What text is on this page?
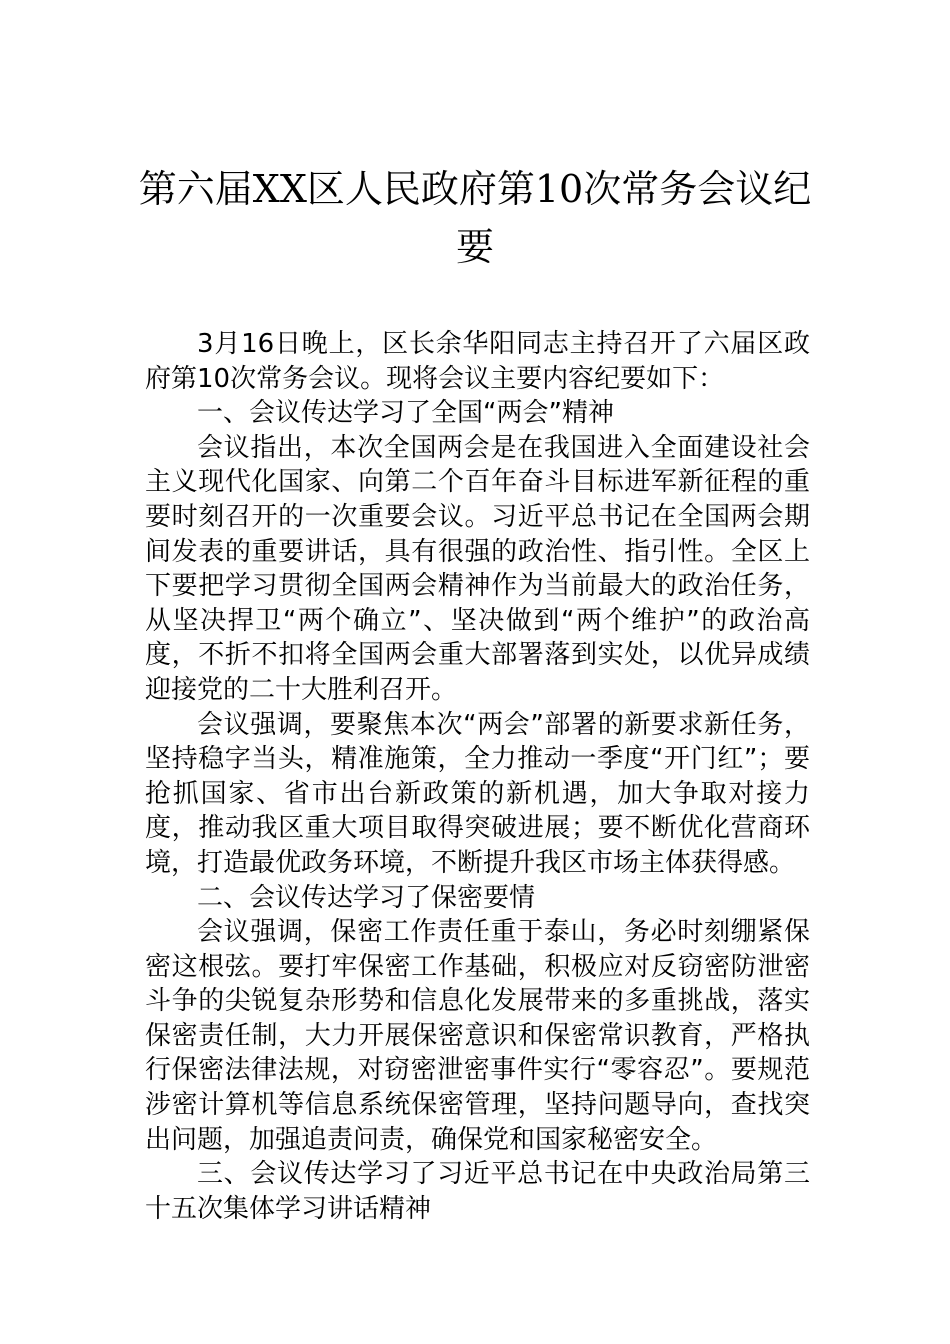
第六届XX区人民政府第10次常务会议纪要

3月16日晚上，区长余华阳同志主持召开了六届区政府第10次常务会议。现将会议主要内容纪要如下：

一、会议传达学习了全国“两会”精神

会议指出，本次全国两会是在我国进入全面建设社会主义现代化国家、向第二个百年奋斗目标进军新征程的重要时刻召开的一次重要会议。习近平总书记在全国两会期间发表的重要讲话，具有很强的政治性、指引性。全区上下要把学习贯彻全国两会精神作为当前最大的政治任务，从坚决捍卫“两个确立”、坚决做到“两个维护”的政治高度，不折不扣将全国两会重大部署落到实处，以优异成绩迎接党的二十大胜利召开。

会议强调，要聚焦本次“两会”部署的新要求新任务，坚持稳字当头，精准施策，全力推动一季度“开门红”；要抢抓国家、省市出台新政策的新机遇，加大争取对接力度，推动我区重大项目取得突破进展；要不断优化营商环境，打造最优政务环境，不断提升我区市场主体获得感。

二、会议传达学习了保密要情

会议强调，保密工作责任重于泰山，务必时刻绷紧保密这根弦。要打牢保密工作基础，积极应对反窃密防泄密斗争的尖锐复杂形势和信息化发展带来的多重挑战，落实保密责任制，大力开展保密意识和保密常识教育，严格执行保密法律法规，对窃密泄密事件实行“零容忍”。要规范涉密计算机等信息系统保密管理，坚持问题导向，查找突出问题，加强追责问责，确保党和国家秘密安全。

三、会议传达学习了习近平总书记在中央政治局第三十五次集体学习讲话精神
